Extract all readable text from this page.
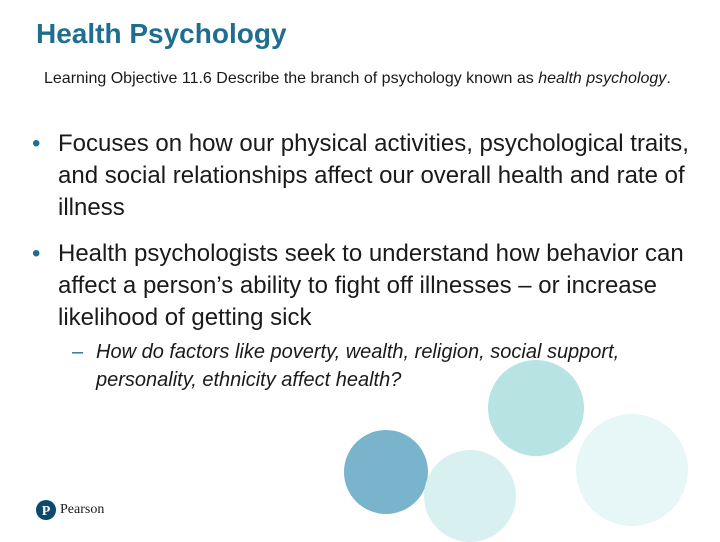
Health Psychology
Learning Objective 11.6 Describe the branch of psychology known as health psychology.
• Focuses on how our physical activities, psychological traits, and social relationships affect our overall health and rate of illness
• Health psychologists seek to understand how behavior can affect a person’s ability to fight off illnesses – or increase likelihood of getting sick
– How do factors like poverty, wealth, religion, social support, personality, ethnicity affect health?
P Pearson
